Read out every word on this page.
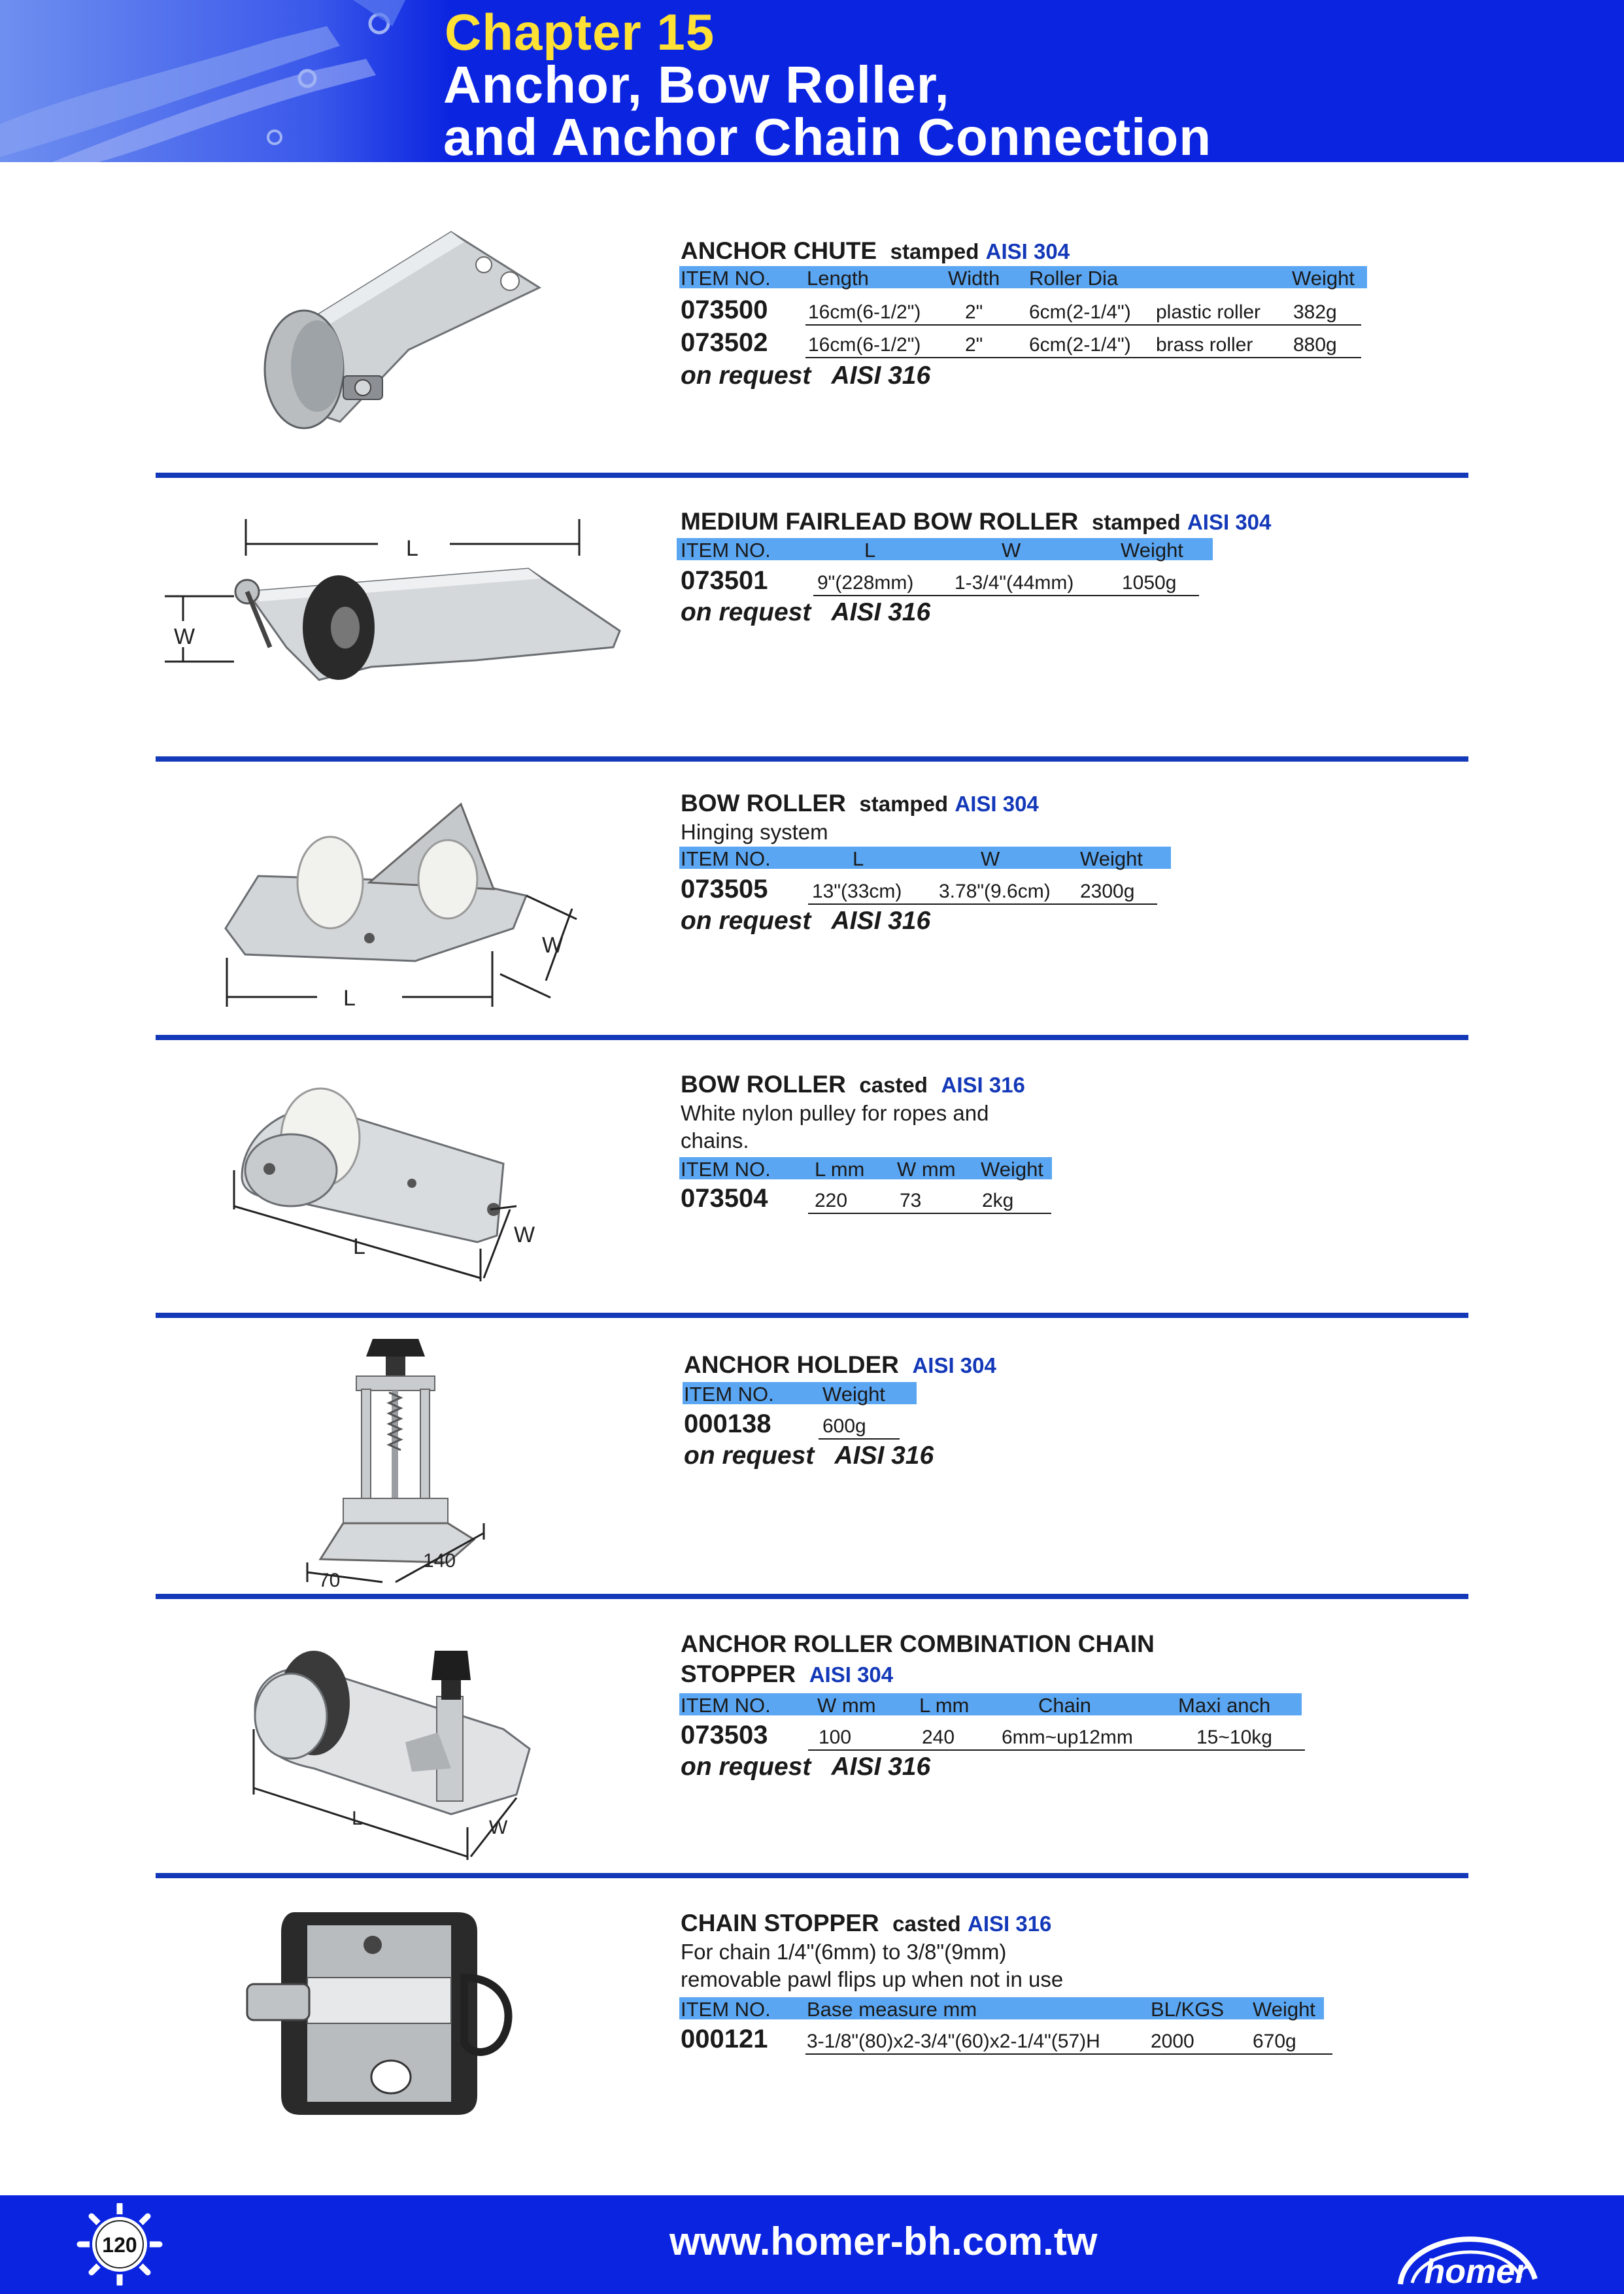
Chapter 15
Anchor, Bow Roller,
and Anchor Chain Connection
ANCHOR CHUTE stamped AISI 304
ITEM NO. Length	Width Roller Dia	Weight
073500 16cm(6-1/2") 2" 6cm(2-1/4") plastic roller 382g
073502 16cm(6-1/2") 2" 6cm(2-1/4") brass roller 880g
on request AISI 316
L
W
MEDIUM FAIRLEAD BOW ROLLER stamped AISI 304
ITEM NO.	L	W	Weight
073501	9"(228mm) 1-3/4"(44mm) 1050g
on request AISI 316
L
W
BOW ROLLER stamped AISI 304
Hinging system
ITEM NO.	L	W	Weight
073505 13"(33cm) 3.78"(9.6cm) 2300g
on request AISI 316
L	W
BOW ROLLER casted AISI 316
White nylon pulley for ropes and
chains.
ITEM NO. L mm W mm Weight
073504 220	73	2kg
70
140
ANCHOR HOLDER AISI 304
ITEM NO. Weight
000138	600g
on request AISI 316
L	W
ANCHOR ROLLER COMBINATION CHAIN
STOPPER AISI 304
ITEM NO. W mm L mm	Chain	Maxi anch
073503	100	240 6mm~up12mm	15~10kg
on request AISI 316
CHAIN STOPPER casted AISI 316
For chain 1/4"(6mm) to 3/8"(9mm)
removable pawl flips up when not in use
ITEM NO. Base measure mm	BL/KGS Weight
000121 3-1/8"(80)x2-3/4"(60)x2-1/4"(57)H	2000	670g
120	www.homer-bh.com.tw
homer
